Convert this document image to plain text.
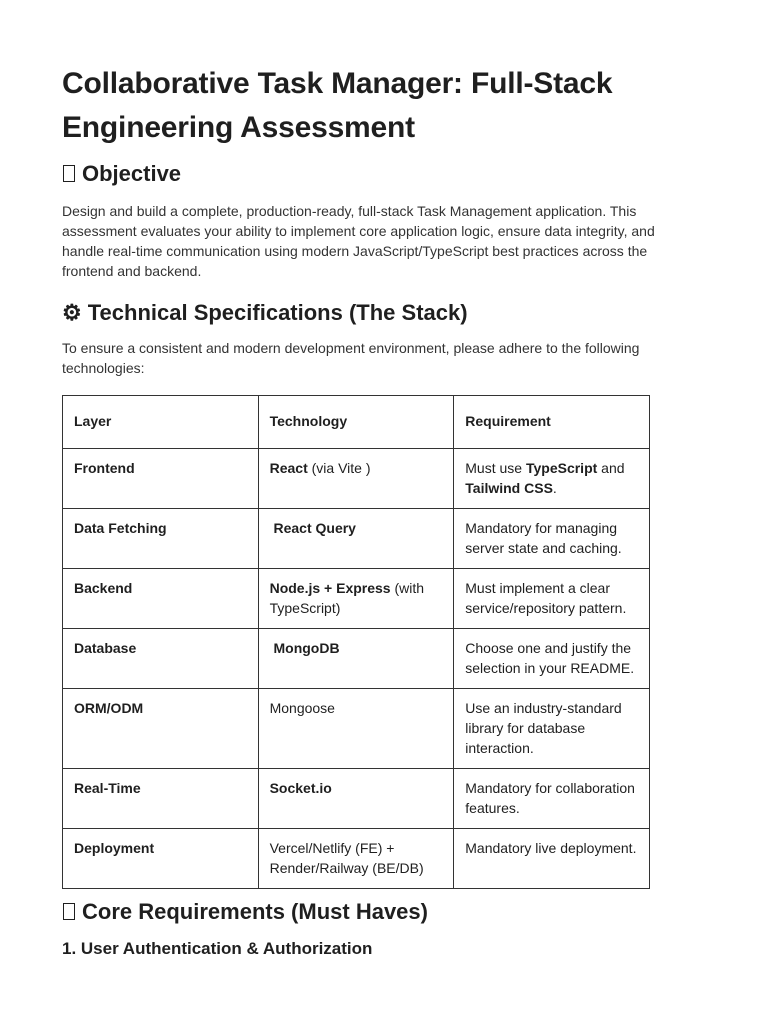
Collaborative Task Manager: Full-Stack Engineering Assessment
Objective
Design and build a complete, production-ready, full-stack Task Management application. This assessment evaluates your ability to implement core application logic, ensure data integrity, and handle real-time communication using modern JavaScript/TypeScript best practices across the frontend and backend.
⚙ Technical Specifications (The Stack)
To ensure a consistent and modern development environment, please adhere to the following technologies:
Layer	Technology	Requirement
Frontend	React (via Vite )	Must use TypeScript and Tailwind CSS.
Data Fetching	React Query	Mandatory for managing server state and caching.
Backend	Node.js + Express (with TypeScript)	Must implement a clear service/repository pattern.
Database	MongoDB	Choose one and justify the selection in your README.
ORM/ODM	Mongoose	Use an industry-standard library for database interaction.
Real-Time	Socket.io	Mandatory for collaboration features.
Deployment	Vercel/Netlify (FE) + Render/Railway (BE/DB)	Mandatory live deployment.
Core Requirements (Must Haves)
1. User Authentication & Authorization
